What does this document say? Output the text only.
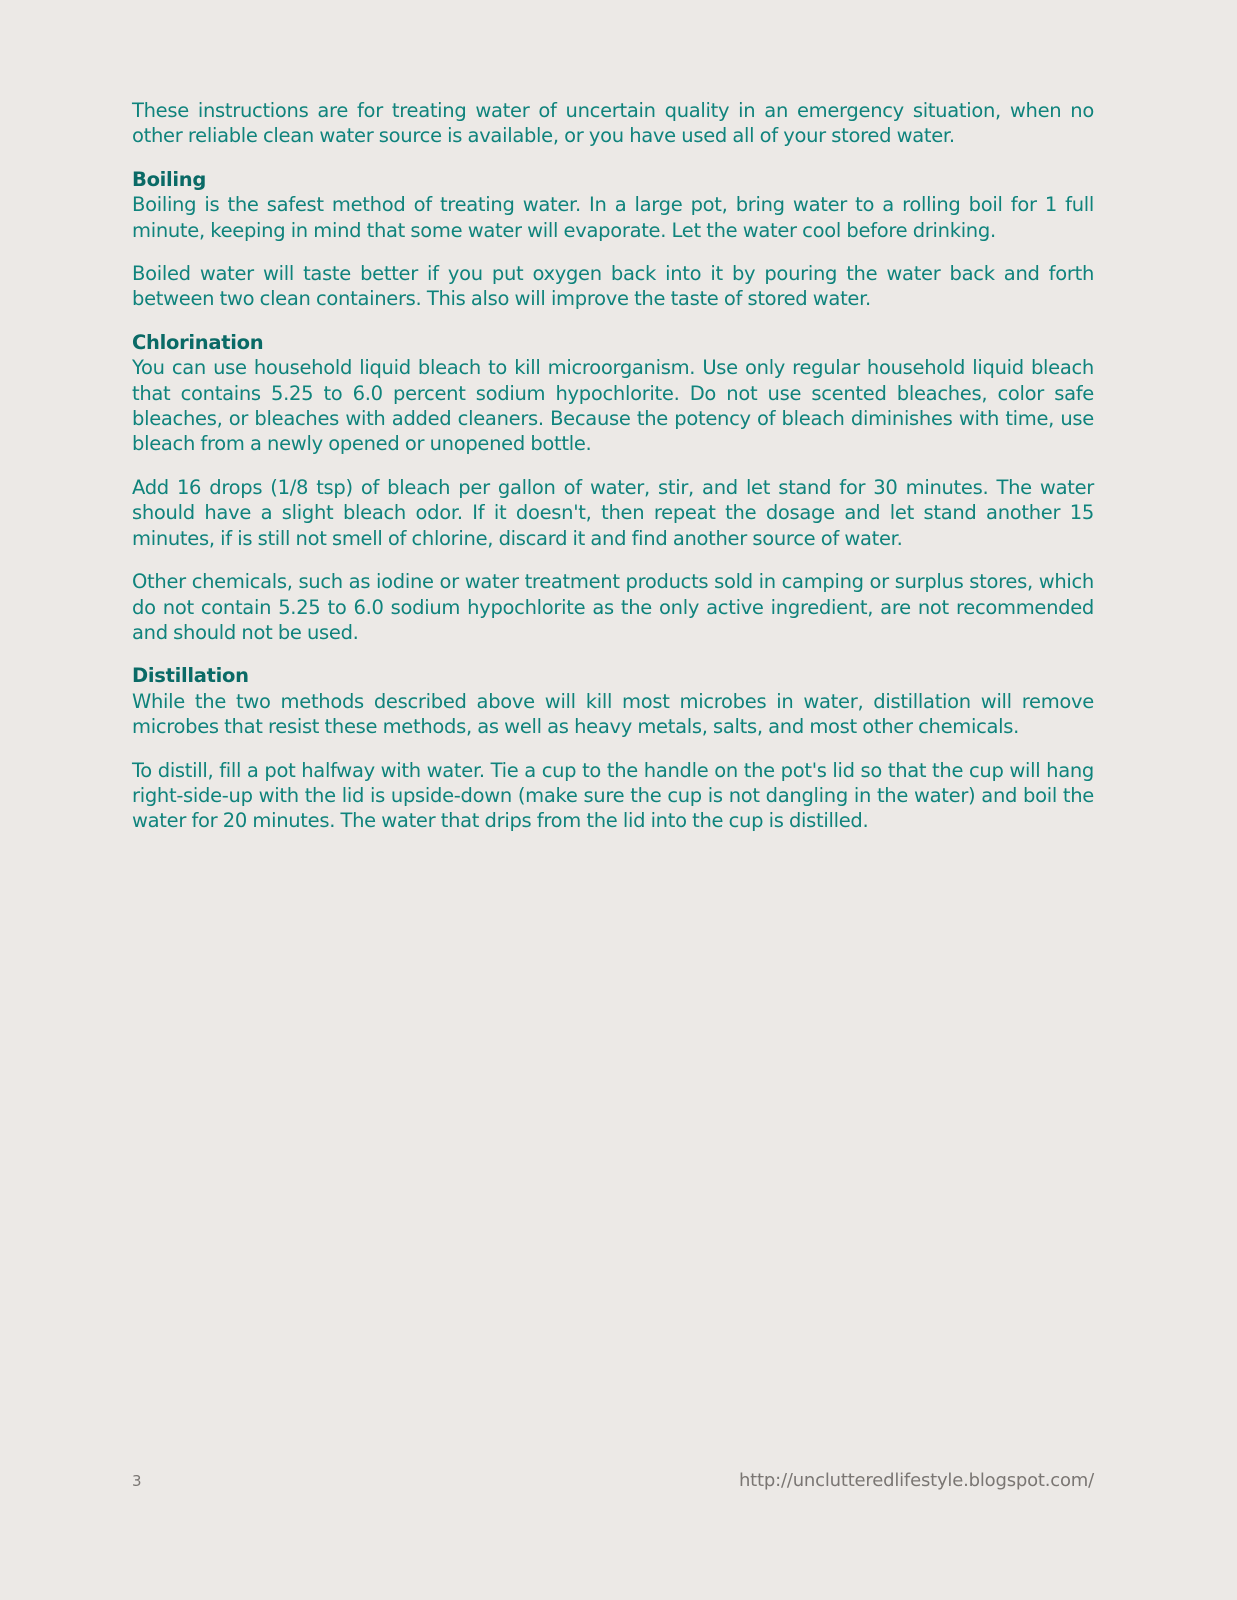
These instructions are for treating water of uncertain quality in an emergency situation, when no other reliable clean water source is available, or you have used all of your stored water.

Boiling

Boiling is the safest method of treating water. In a large pot, bring water to a rolling boil for 1 full minute, keeping in mind that some water will evaporate. Let the water cool before drinking.

Boiled water will taste better if you put oxygen back into it by pouring the water back and forth between two clean containers. This also will improve the taste of stored water.

Chlorination

You can use household liquid bleach to kill microorganism. Use only regular household liquid bleach that contains 5.25 to 6.0 percent sodium hypochlorite. Do not use scented bleaches, color safe bleaches, or bleaches with added cleaners. Because the potency of bleach diminishes with time, use bleach from a newly opened or unopened bottle.

Add 16 drops (1/8 tsp) of bleach per gallon of water, stir, and let stand for 30 minutes. The water should have a slight bleach odor. If it doesn't, then repeat the dosage and let stand another 15 minutes, if is still not smell of chlorine, discard it and find another source of water.

Other chemicals, such as iodine or water treatment products sold in camping or surplus stores, which do not contain 5.25 to 6.0 sodium hypochlorite as the only active ingredient, are not recommended and should not be used.

Distillation

While the two methods described above will kill most microbes in water, distillation will remove microbes that resist these methods, as well as heavy metals, salts, and most other chemicals.

To distill, fill a pot halfway with water. Tie a cup to the handle on the pot's lid so that the cup will hang right-side-up with the lid is upside-down (make sure the cup is not dangling in the water) and boil the water for 20 minutes. The water that drips from the lid into the cup is distilled.

3	http://unclutteredlifestyle.blogspot.com/
